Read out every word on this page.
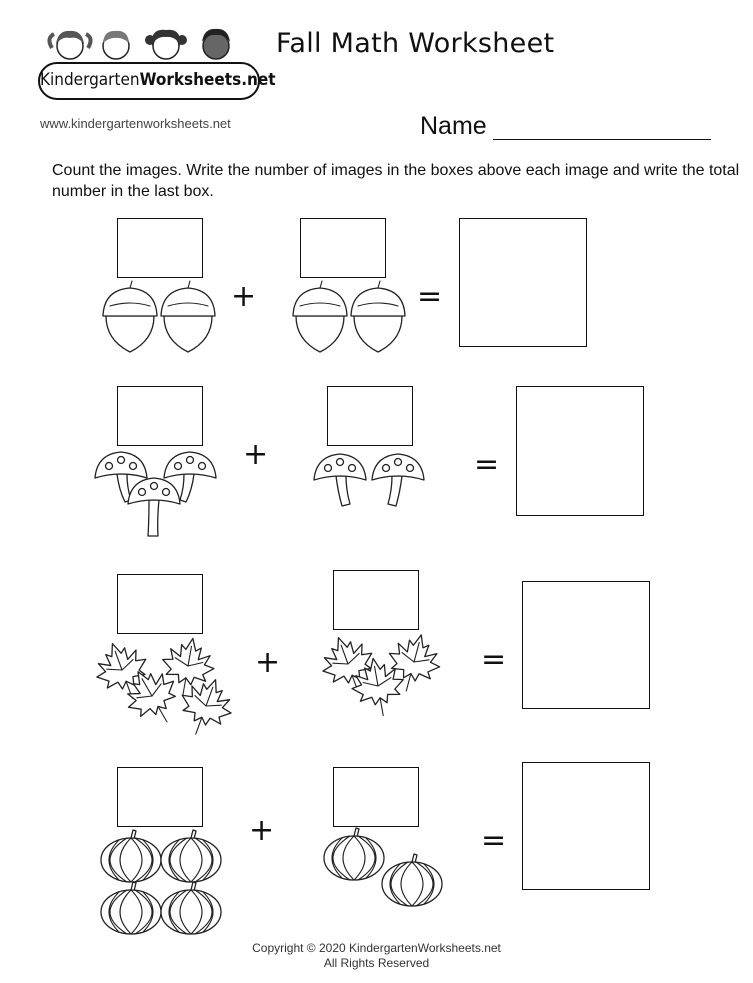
KindergartenWorksheets.net
Fall Math Worksheet
www.kindergartenworksheets.net	Name
Count the images. Write the number of images in the boxes above each image and write the total number in the last box.
+	=
+	=
+	=
+	=
Copyright © 2020 KindergartenWorksheets.net
All Rights Reserved
